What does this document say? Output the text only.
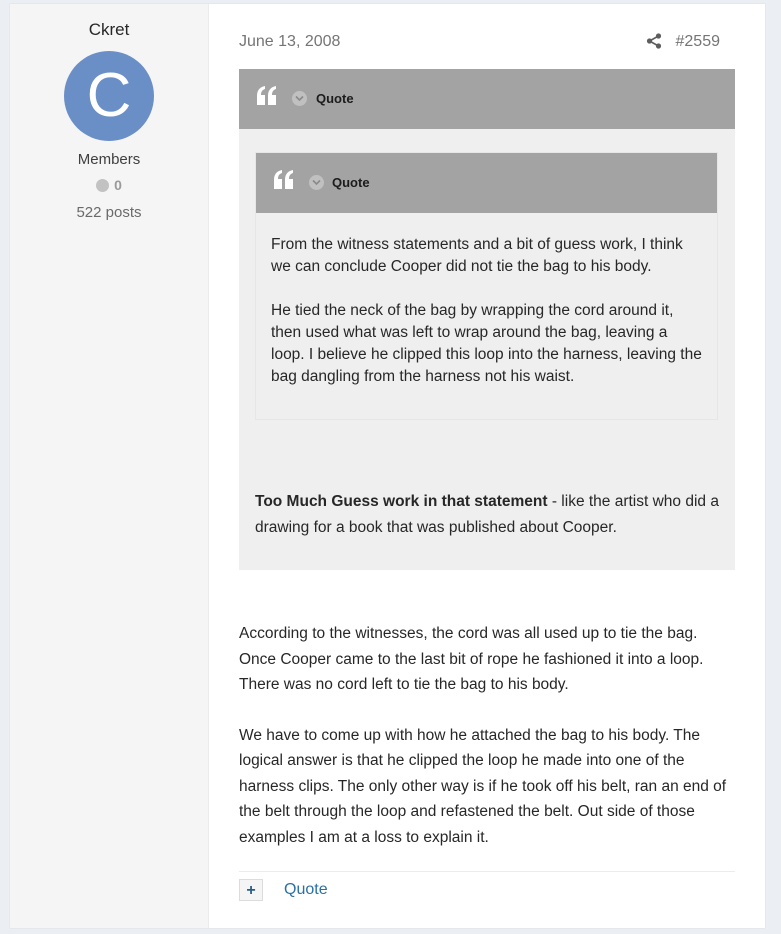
Ckret
C
Members
0
522 posts
June 13, 2008	#2559
Quote
Quote

From the witness statements and a bit of guess work, I think we can conclude Cooper did not tie the bag to his body.

He tied the neck of the bag by wrapping the cord around it, then used what was left to wrap around the bag, leaving a loop. I believe he clipped this loop into the harness, leaving the bag dangling from the harness not his waist.

Too Much Guess work in that statement - like the artist who did a drawing for a book that was published about Cooper.

According to the witnesses, the cord was all used up to tie the bag. Once Cooper came to the last bit of rope he fashioned it into a loop. There was no cord left to tie the bag to his body.

We have to come up with how he attached the bag to his body. The logical answer is that he clipped the loop he made into one of the harness clips. The only other way is if he took off his belt, ran an end of the belt through the loop and refastened the belt. Out side of those examples I am at a loss to explain it.

+	Quote
